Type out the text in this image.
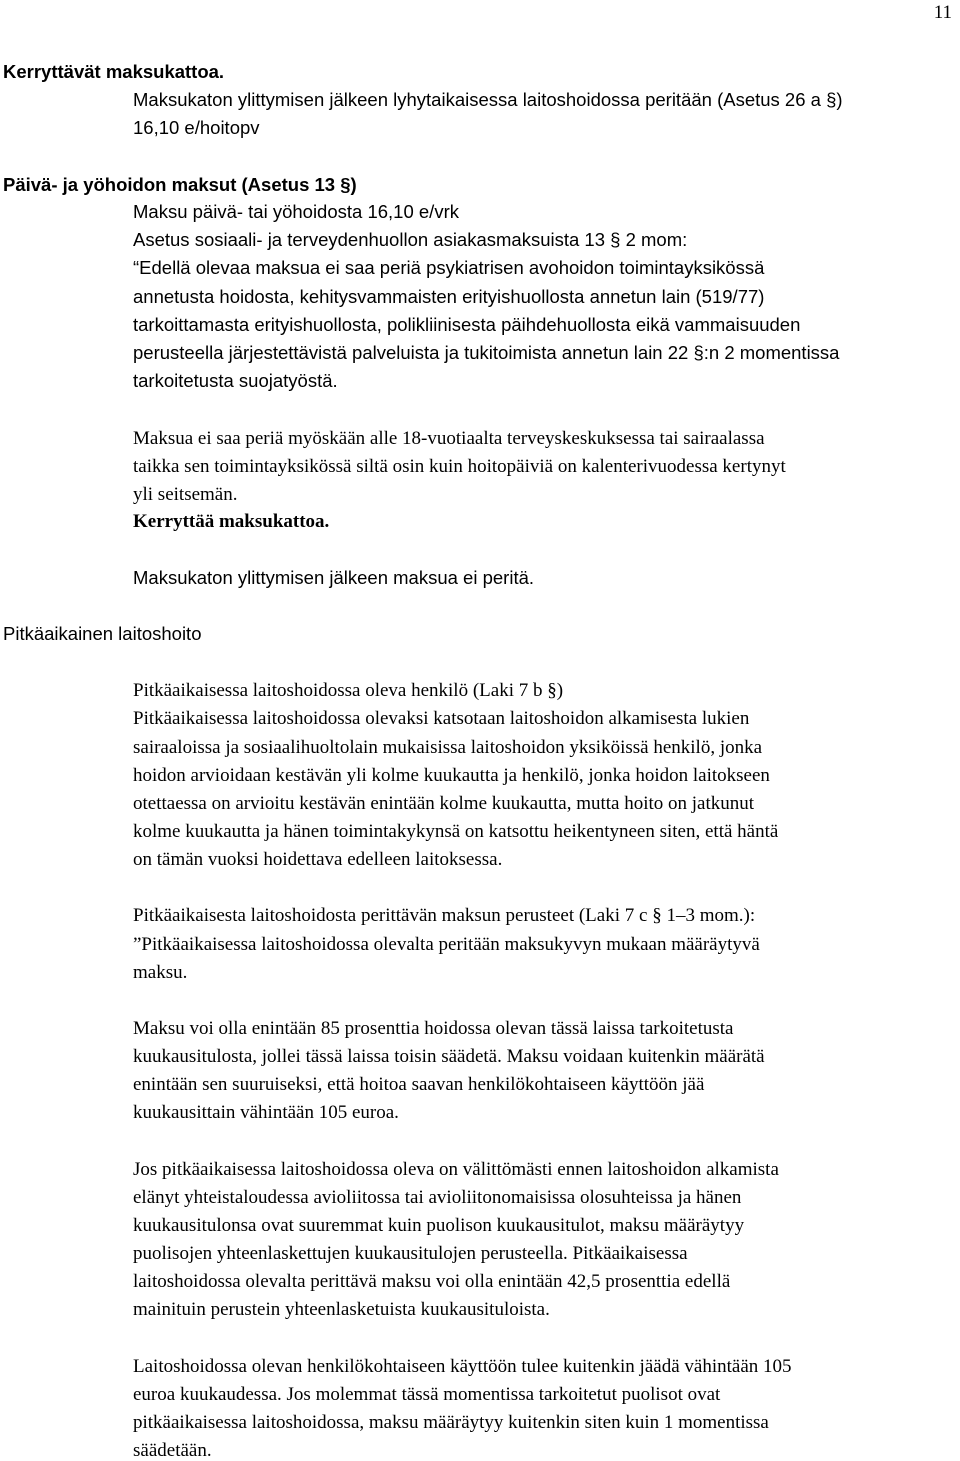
11
Kerryttävät maksukattoa.
Maksukaton ylittymisen jälkeen lyhytaikaisessa laitoshoidossa peritään (Asetus 26 a §)
16,10 e/hoitopv
Päivä- ja yöhoidon maksut (Asetus 13 §)
Maksu päivä- tai yöhoidosta 16,10 e/vrk
Asetus sosiaali- ja terveydenhuollon asiakasmaksuista 13 § 2 mom:
“Edellä olevaa maksua ei saa periä psykiatrisen avohoidon toimintayksikössä
annetusta hoidosta, kehitysvammaisten erityishuollosta annetun lain (519/77)
tarkoittamasta erityishuollosta, polikliinisesta päihdehuollosta eikä vammaisuuden
perusteella järjestettävistä palveluista ja tukitoimista annetun lain 22 §:n 2 momentissa
tarkoitetusta suojatyöstä.
Maksua ei saa periä myöskään alle 18-vuotiaalta terveyskeskuksessa tai sairaalassa
taikka sen toimintayksikössä siltä osin kuin hoitopäiviä on kalenterivuodessa kertynyt
yli seitsemän.
Kerryttää maksukattoa.
Maksukaton ylittymisen jälkeen maksua ei peritä.
Pitkäaikainen laitoshoito
Pitkäaikaisessa laitoshoidossa oleva henkilö (Laki 7 b §)
Pitkäaikaisessa laitoshoidossa olevaksi katsotaan laitoshoidon alkamisesta lukien
sairaaloissa ja sosiaalihuoltolain mukaisissa laitoshoidon yksiköissä henkilö, jonka
hoidon arvioidaan kestävän yli kolme kuukautta ja henkilö, jonka hoidon laitokseen
otettaessa on arvioitu kestävän enintään kolme kuukautta, mutta hoito on jatkunut
kolme kuukautta ja hänen toimintakykynsä on katsottu heikentyneen siten, että häntä
on tämän vuoksi hoidettava edelleen laitoksessa.
Pitkäaikaisesta laitoshoidosta perittävän maksun perusteet (Laki 7 c § 1–3 mom.):
”Pitkäaikaisessa laitoshoidossa olevalta peritään maksukyvyn mukaan määräytyvä
maksu.
Maksu voi olla enintään 85 prosenttia hoidossa olevan tässä laissa tarkoitetusta
kuukausitulosta, jollei tässä laissa toisin säädetä. Maksu voidaan kuitenkin määrätä
enintään sen suuruiseksi, että hoitoa saavan henkilökohtaiseen käyttöön jää
kuukausittain vähintään 105 euroa.
Jos pitkäaikaisessa laitoshoidossa oleva on välittömästi ennen laitoshoidon alkamista
elänyt yhteistaloudessa avioliitossa tai avioliitonomaisissa olosuhteissa ja hänen
kuukausitulonsa ovat suuremmat kuin puolison kuukausitulot, maksu määräytyy
puolisojen yhteenlaskettujen kuukausitulojen perusteella. Pitkäaikaisessa
laitoshoidossa olevalta perittävä maksu voi olla enintään 42,5 prosenttia edellä
mainituin perustein yhteenlasketuista kuukausituloista.
Laitoshoidossa olevan henkilökohtaiseen käyttöön tulee kuitenkin jäädä vähintään 105
euroa kuukaudessa. Jos molemmat tässä momentissa tarkoitetut puolisot ovat
pitkäaikaisessa laitoshoidossa, maksu määräytyy kuitenkin siten kuin 1 momentissa
säädetään.
